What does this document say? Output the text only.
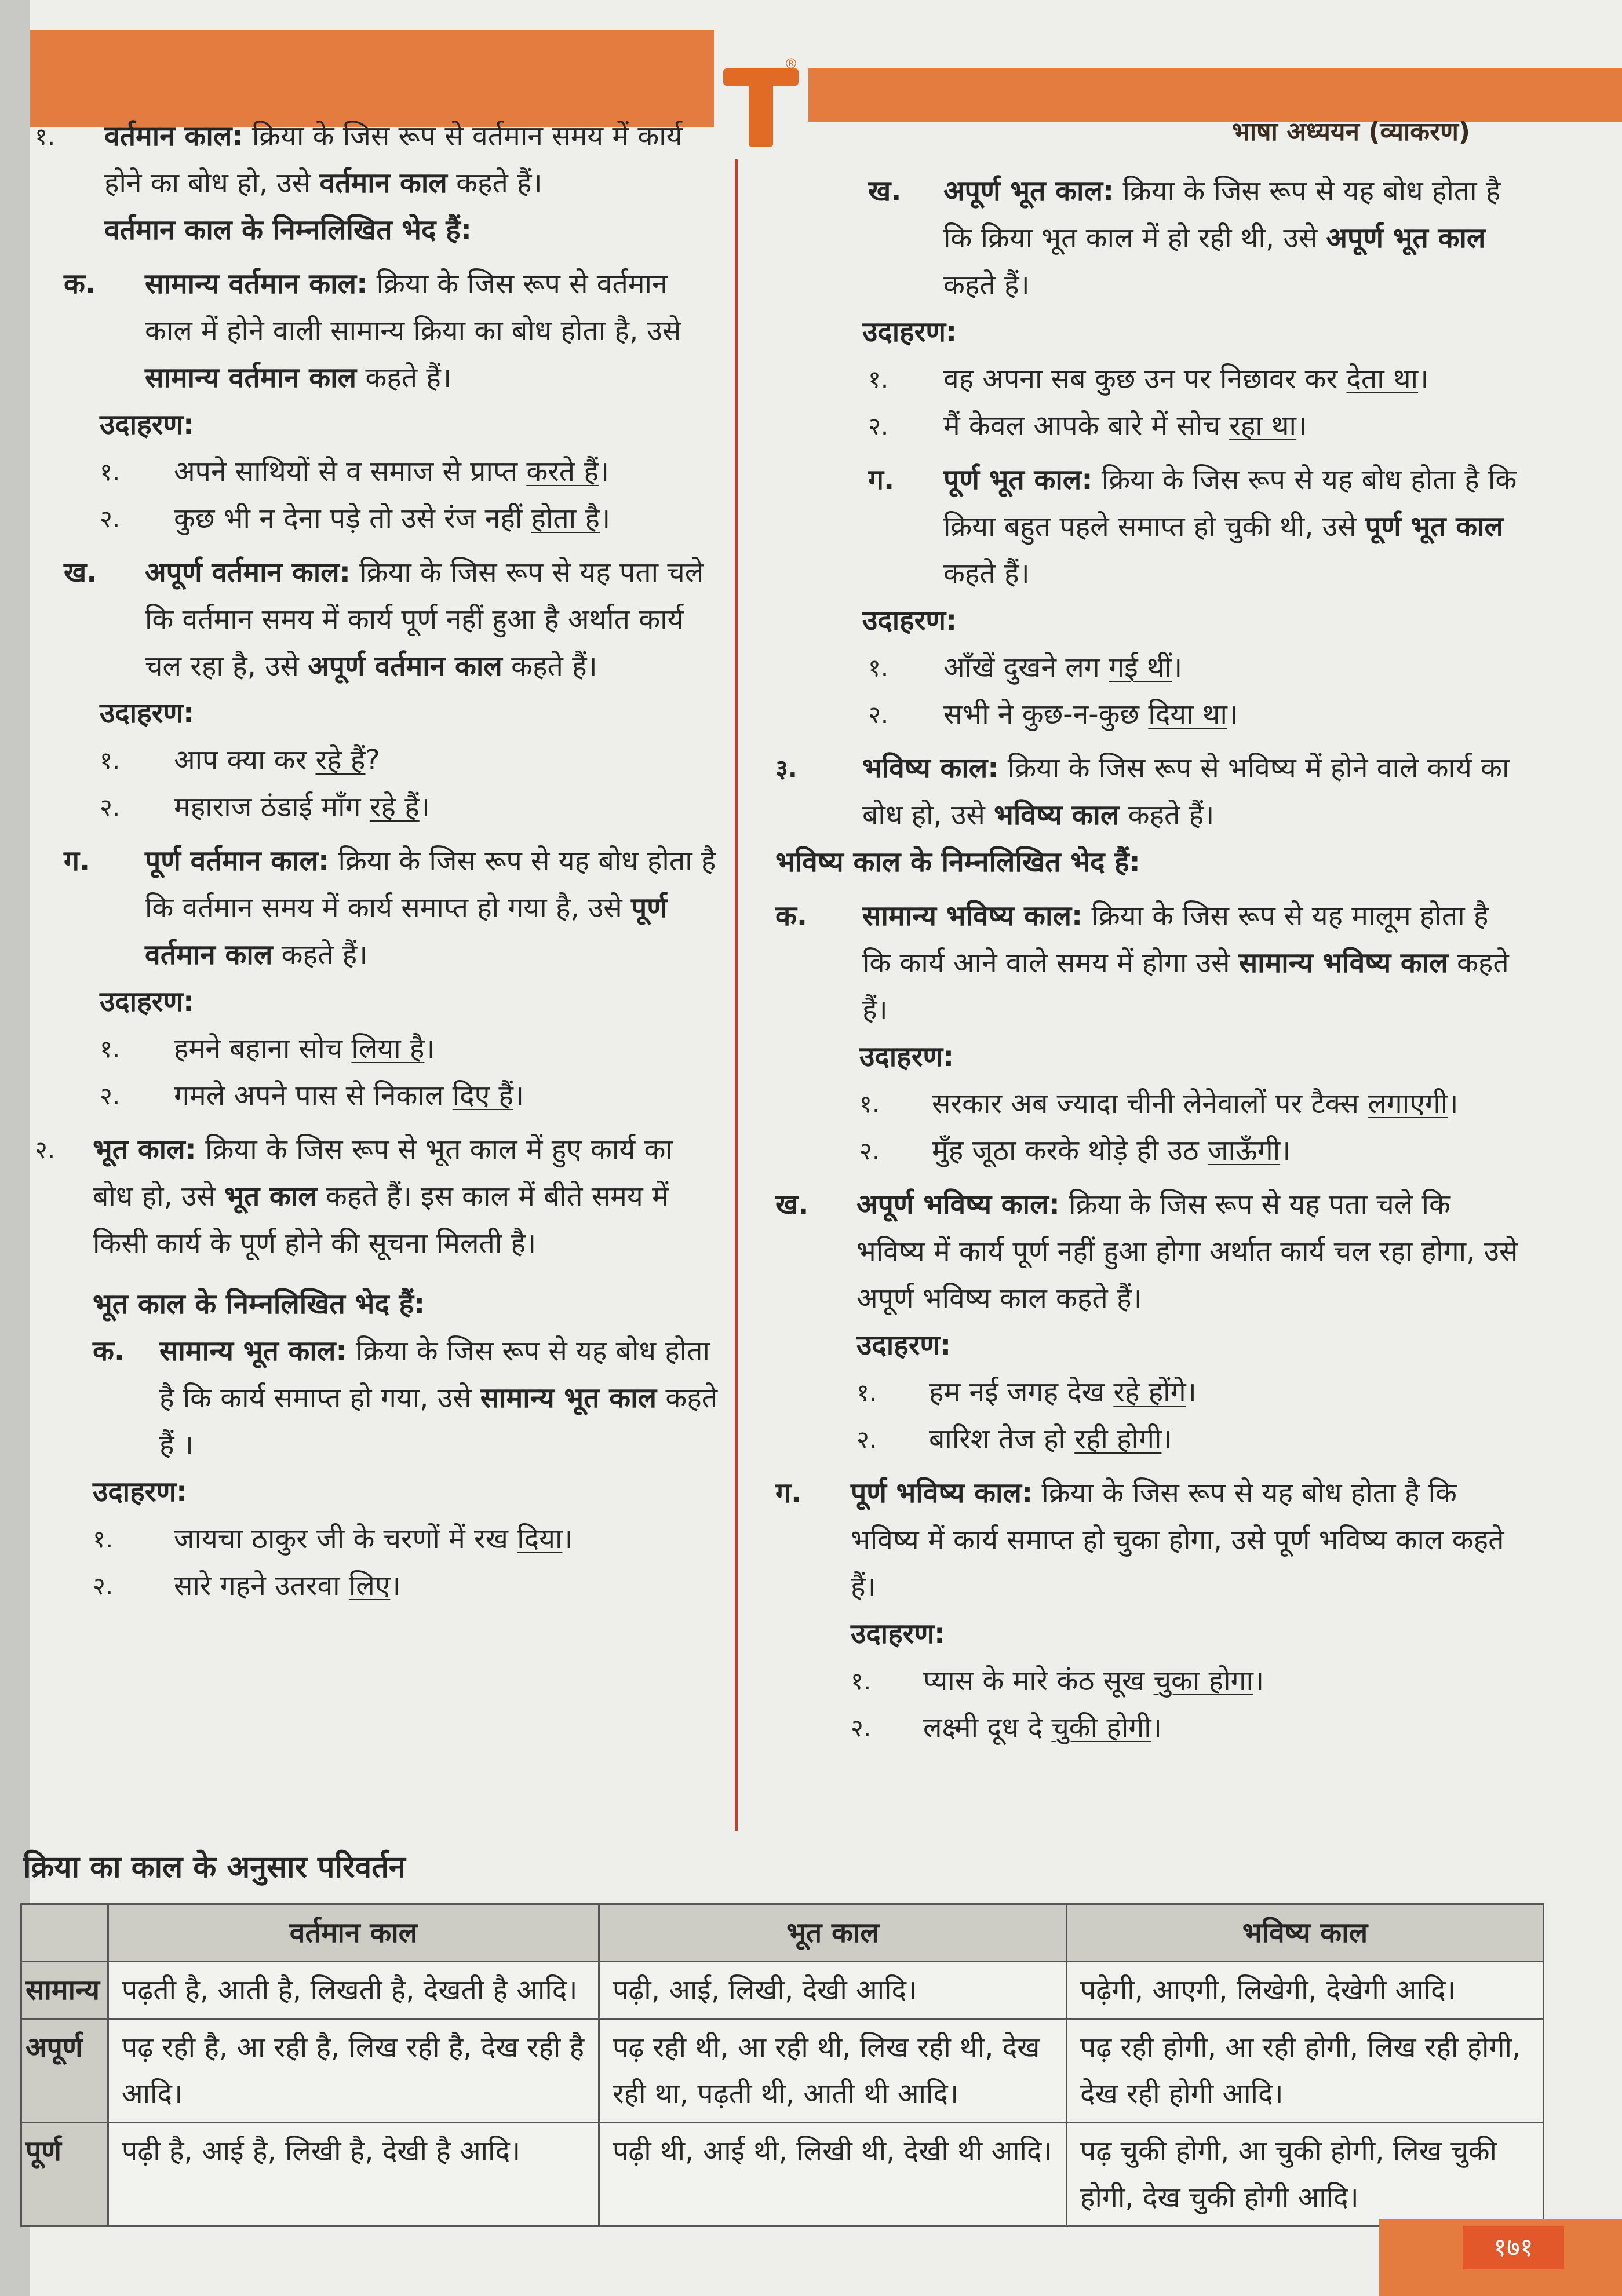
®
भाषा अध्ययन (व्याकरण)
१.	वर्तमान काल: क्रिया के जिस रूप से वर्तमान समय में कार्य होने का बोध हो, उसे वर्तमान काल कहते हैं।
वर्तमान काल के निम्नलिखित भेद हैं:
क.	सामान्य वर्तमान काल: क्रिया के जिस रूप से वर्तमान काल में होने वाली सामान्य क्रिया का बोध होता है, उसे सामान्य वर्तमान काल कहते हैं।
उदाहरण:
१. अपने साथियों से व समाज से प्राप्त करते हैं।
२. कुछ भी न देना पड़े तो उसे रंज नहीं होता है।
ख.	अपूर्ण वर्तमान काल: क्रिया के जिस रूप से यह पता चले कि वर्तमान समय में कार्य पूर्ण नहीं हुआ है अर्थात कार्य चल रहा है, उसे अपूर्ण वर्तमान काल कहते हैं।
उदाहरण:
१. आप क्या कर रहे हैं?
२. महाराज ठंडाई माँग रहे हैं।
ग.	पूर्ण वर्तमान काल: क्रिया के जिस रूप से यह बोध होता है कि वर्तमान समय में कार्य समाप्त हो गया है, उसे पूर्ण वर्तमान काल कहते हैं।
उदाहरण:
१. हमने बहाना सोच लिया है।
२. गमले अपने पास से निकाल दिए हैं।
२.	भूत काल: क्रिया के जिस रूप से भूत काल में हुए कार्य का बोध हो, उसे भूत काल कहते हैं। इस काल में बीते समय में किसी कार्य के पूर्ण होने की सूचना मिलती है।
भूत काल के निम्नलिखित भेद हैं:
क.	सामान्य भूत काल: क्रिया के जिस रूप से यह बोध होता है कि कार्य समाप्त हो गया, उसे सामान्य भूत काल कहते हैं ।
उदाहरण:
१. जायचा ठाकुर जी के चरणों में रख दिया।
२. सारे गहने उतरवा लिए।
ख.	अपूर्ण भूत काल: क्रिया के जिस रूप से यह बोध होता है कि क्रिया भूत काल में हो रही थी, उसे अपूर्ण भूत काल कहते हैं।
उदाहरण:
१. वह अपना सब कुछ उन पर निछावर कर देता था।
२. मैं केवल आपके बारे में सोच रहा था।
ग.	पूर्ण भूत काल: क्रिया के जिस रूप से यह बोध होता है कि क्रिया बहुत पहले समाप्त हो चुकी थी, उसे पूर्ण भूत काल कहते हैं।
उदाहरण:
१. आँखें दुखने लग गई थीं।
२. सभी ने कुछ-न-कुछ दिया था।
३.	भविष्य काल: क्रिया के जिस रूप से भविष्य में होने वाले कार्य का बोध हो, उसे भविष्य काल कहते हैं।
भविष्य काल के निम्नलिखित भेद हैं:
क.	सामान्य भविष्य काल: क्रिया के जिस रूप से यह मालूम होता है कि कार्य आने वाले समय में होगा उसे सामान्य भविष्य काल कहते हैं।
उदाहरण:
१. सरकार अब ज्यादा चीनी लेनेवालों पर टैक्स लगाएगी।
२. मुँह जूठा करके थोड़े ही उठ जाऊँगी।
ख.	अपूर्ण भविष्य काल: क्रिया के जिस रूप से यह पता चले कि भविष्य में कार्य पूर्ण नहीं हुआ होगा अर्थात कार्य चल रहा होगा, उसे अपूर्ण भविष्य काल कहते हैं।
उदाहरण:
१. हम नई जगह देख रहे होंगे।
२. बारिश तेज हो रही होगी।
ग.	पूर्ण भविष्य काल: क्रिया के जिस रूप से यह बोध होता है कि भविष्य में कार्य समाप्त हो चुका होगा, उसे पूर्ण भविष्य काल कहते हैं।
उदाहरण:
१. प्यास के मारे कंठ सूख चुका होगा।
२. लक्ष्मी दूध दे चुकी होगी।
क्रिया का काल के अनुसार परिवर्तन
	वर्तमान काल	भूत काल	भविष्य काल
सामान्य	पढ़ती है, आती है, लिखती है, देखती है आदि।	पढ़ी, आई, लिखी, देखी आदि।	पढ़ेगी, आएगी, लिखेगी, देखेगी आदि।
अपूर्ण	पढ़ रही है, आ रही है, लिख रही है, देख रही है आदि।	पढ़ रही थी, आ रही थी, लिख रही थी, देख रही था, पढ़ती थी, आती थी आदि।	पढ़ रही होगी, आ रही होगी, लिख रही होगी, देख रही होगी आदि।
पूर्ण	पढ़ी है, आई है, लिखी है, देखी है आदि।	पढ़ी थी, आई थी, लिखी थी, देखी थी आदि।	पढ़ चुकी होगी, आ चुकी होगी, लिख चुकी होगी, देख चुकी होगी आदि।
१७१
